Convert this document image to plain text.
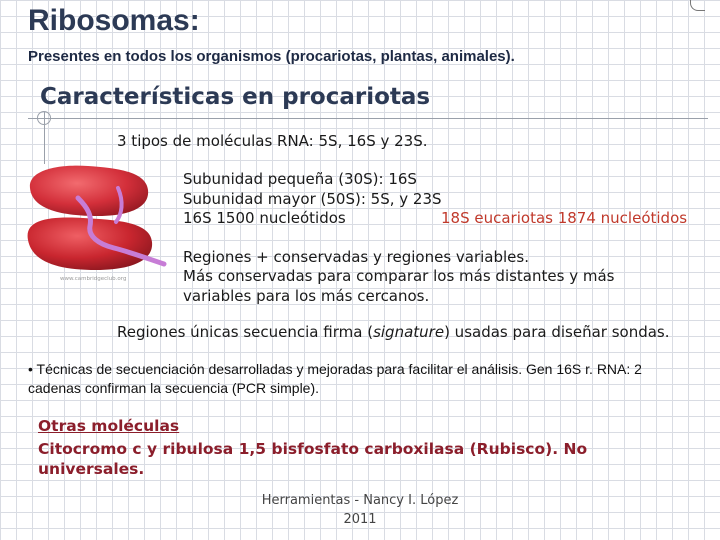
Ribosomas:
Presentes en todos los organismos (procariotas, plantas, animales).
Características en procariotas
www.cambridgeclub.org
3 tipos de moléculas RNA: 5S, 16S y 23S.
Subunidad pequeña (30S): 16S
Subunidad mayor (50S): 5S, y 23S
16S 1500 nucleótidos	18S eucariotas 1874 nucleótidos
Regiones + conservadas y regiones variables.
Más conservadas para comparar los más distantes y más
variables para los más cercanos.
Regiones únicas secuencia firma (signature) usadas para diseñar sondas.
• Técnicas de secuenciación desarrolladas y mejoradas para facilitar el análisis. Gen 16S r. RNA: 2 cadenas confirman la secuencia (PCR simple).
Otras moléculas
Citocromo c y ribulosa 1,5 bisfosfato carboxilasa (Rubisco). No universales.
Herramientas - Nancy I. López
2011
